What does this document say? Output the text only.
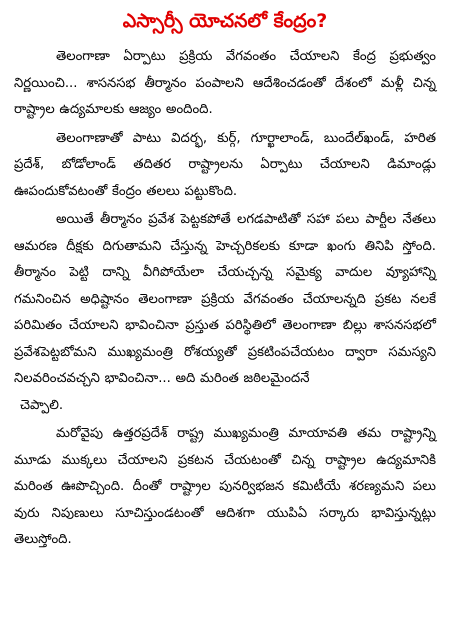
ఎస్సార్సీ యోచనలో కేంద్రం?

తెలంగాణా ఏర్పాటు ప్రక్రియ వేగవంతం చేయాలని కేంద్ర ప్రభుత్వం నిర్ణయించి... శాసనసభ తీర్మానం పంపాలని ఆదేశించడంతో దేశంలో మళ్లీ చిన్న రాష్ట్రాల ఉద్యమాలకు ఆజ్యం అందింది.

తెలంగాణాతో పాటు విదర్భ, కుర్గ్, గూర్ఖాలాండ్, బుందేల్‌ఖండ్, హరిత ప్రదేశ్, బోడోలాండ్ తదితర రాష్ట్రాలను ఏర్పాటు చేయాలని డిమాండ్లు ఊపందుకోవటంతో కేంద్రం తలలు పట్టుకొంది.

అయితే తీర్మానం ప్రవేశ పెట్టకపోతే లగడపాటితో సహా పలు పార్టీల నేతలు ఆమరణ దీక్షకు దిగుతామని చేస్తున్న హెచ్చరికలకు కూడా ఖంగు తినిపి స్తోంది. తీర్మానం పెట్టి దాన్ని వీగిపోయేలా చేయచ్చన్న సమైక్య వాదుల వ్యూహాన్ని గమనించిన అధిష్టానం తెలంగాణా ప్రక్రియ వేగవంతం చేయాలన్నది ప్రకట నలకే పరిమితం చేయాలని భావించినా ప్రస్తుత పరిస్థితిలో తెలంగాణా బిల్లు శాసనసభలో ప్రవేశపెట్టబోమని ముఖ్యమంత్రి రోశయ్యతో ప్రకటింపచేయటం ద్వారా సమస్యని నిలవరించవచ్చని భావించినా... అది మరింత జఠిలమైందనే
చెప్పాలి.

మరోవైపు ఉత్తరప్రదేశ్ రాష్ట్ర ముఖ్యమంత్రి మాయావతి తమ రాష్ట్రాన్ని మూడు ముక్కలు చేయాలని ప్రకటన చేయటంతో చిన్న రాష్ట్రాల ఉద్యమానికి మరింత ఊపొచ్చింది. దీంతో రాష్ట్రాల పునర్విభజన కమిటీయే శరణ్యమని పలు వురు నిపుణులు సూచిస్తుండటంతో ఆదిశగా యుపిఏ సర్కారు భావిస్తున్నట్లు తెలుస్తోంది.
